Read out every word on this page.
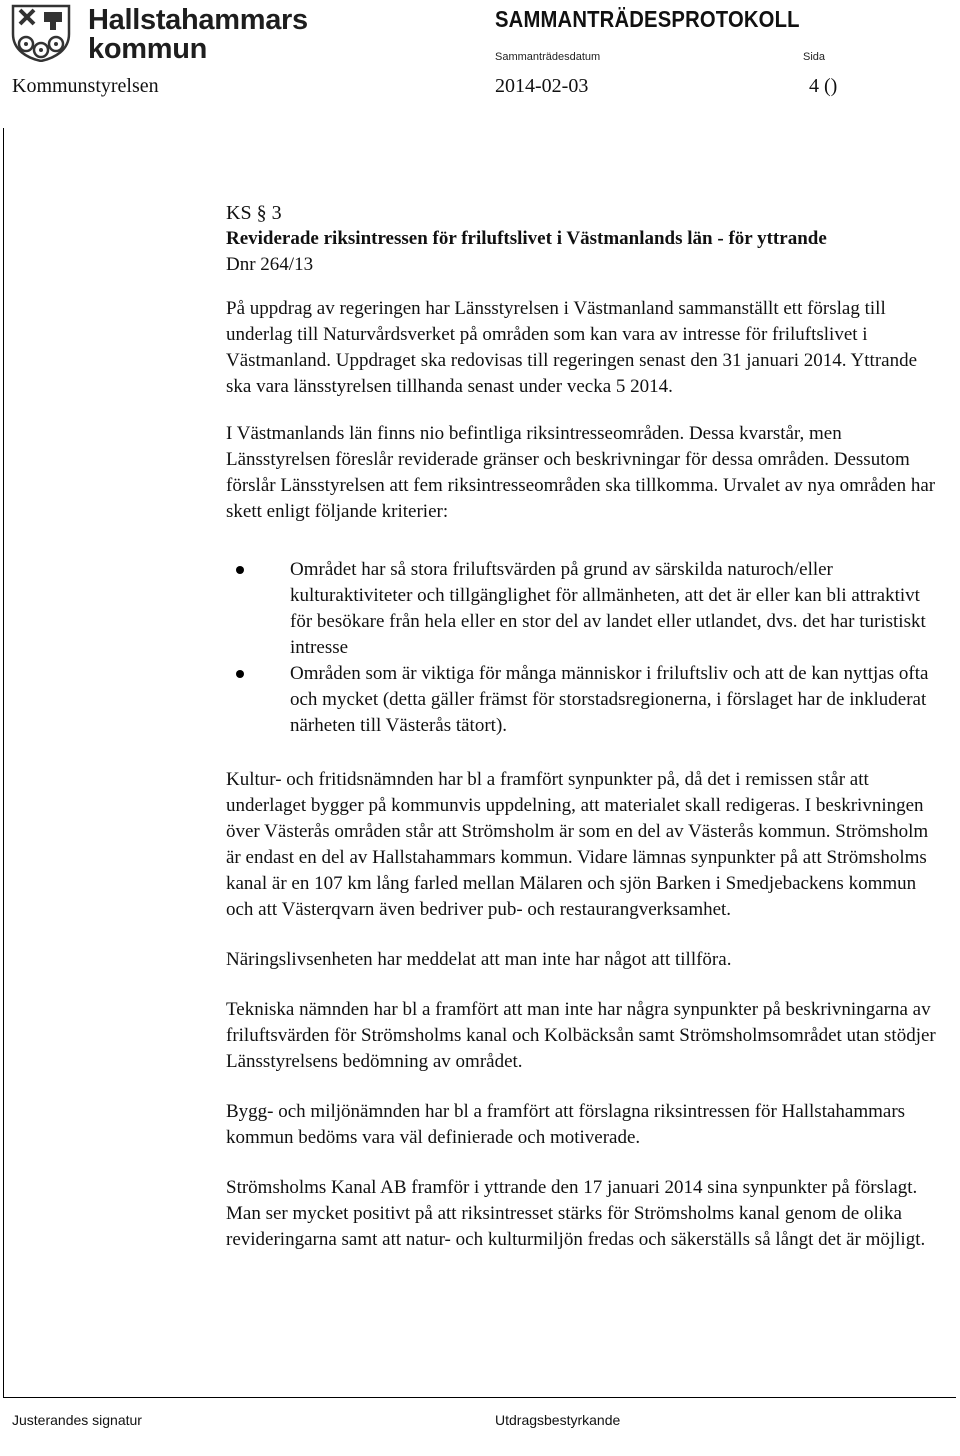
Hallstahammars
kommun
SAMMANTRÄDESPROTOKOLL
Sammanträdesdatum	Sida
Kommunstyrelsen	2014-02-03	4 ()

KS § 3

Reviderade riksintressen för friluftslivet i Västmanlands län - för yttrande

Dnr 264/13

På uppdrag av regeringen har Länsstyrelsen i Västmanland sammanställt ett förslag till underlag till Naturvårdsverket på områden som kan vara av intresse för friluftslivet i Västmanland. Uppdraget ska redovisas till regeringen senast den 31 januari 2014. Yttrande ska vara länsstyrelsen tillhanda senast under vecka 5 2014.

I Västmanlands län finns nio befintliga riksintresseområden. Dessa kvarstår, men Länsstyrelsen föreslår reviderade gränser och beskrivningar för dessa områden. Dessutom förslår Länsstyrelsen att fem riksintresseområden ska tillkomma. Urvalet av nya områden har skett enligt följande kriterier:

Området har så stora friluftsvärden på grund av särskilda naturoch/eller kulturaktiviteter och tillgänglighet för allmänheten, att det är eller kan bli attraktivt för besökare från hela eller en stor del av landet eller utlandet, dvs. det har turistiskt intresse
Områden som är viktiga för många människor i friluftsliv och att de kan nyttjas ofta och mycket (detta gäller främst för storstadsregionerna, i förslaget har de inkluderat närheten till Västerås tätort).

Kultur- och fritidsnämnden har bl a framfört synpunkter på, då det i remissen står att underlaget bygger på kommunvis uppdelning, att materialet skall redigeras. I beskrivningen över Västerås områden står att Strömsholm är som en del av Västerås kommun. Strömsholm är endast en del av Hallstahammars kommun. Vidare lämnas synpunkter på att Strömsholms kanal är en 107 km lång farled mellan Mälaren och sjön Barken i Smedjebackens kommun och att Västerqvarn även bedriver pub- och restaurangverksamhet.

Näringslivsenheten har meddelat att man inte har något att tillföra.

Tekniska nämnden har bl a framfört att man inte har några synpunkter på beskrivningarna av friluftsvärden för Strömsholms kanal och Kolbäcksån samt Strömsholmsområdet utan stödjer Länsstyrelsens bedömning av området.

Bygg- och miljönämnden har bl a framfört att förslagna riksintressen för Hallstahammars kommun bedöms vara väl definierade och motiverade.

Strömsholms Kanal AB framför i yttrande den 17 januari 2014 sina synpunkter på förslagt. Man ser mycket positivt på att riksintresset stärks för Strömsholms kanal genom de olika revideringarna samt att natur- och kulturmiljön fredas och säkerställs så långt det är möjligt.

Justerandes signatur	Utdragsbestyrkande
